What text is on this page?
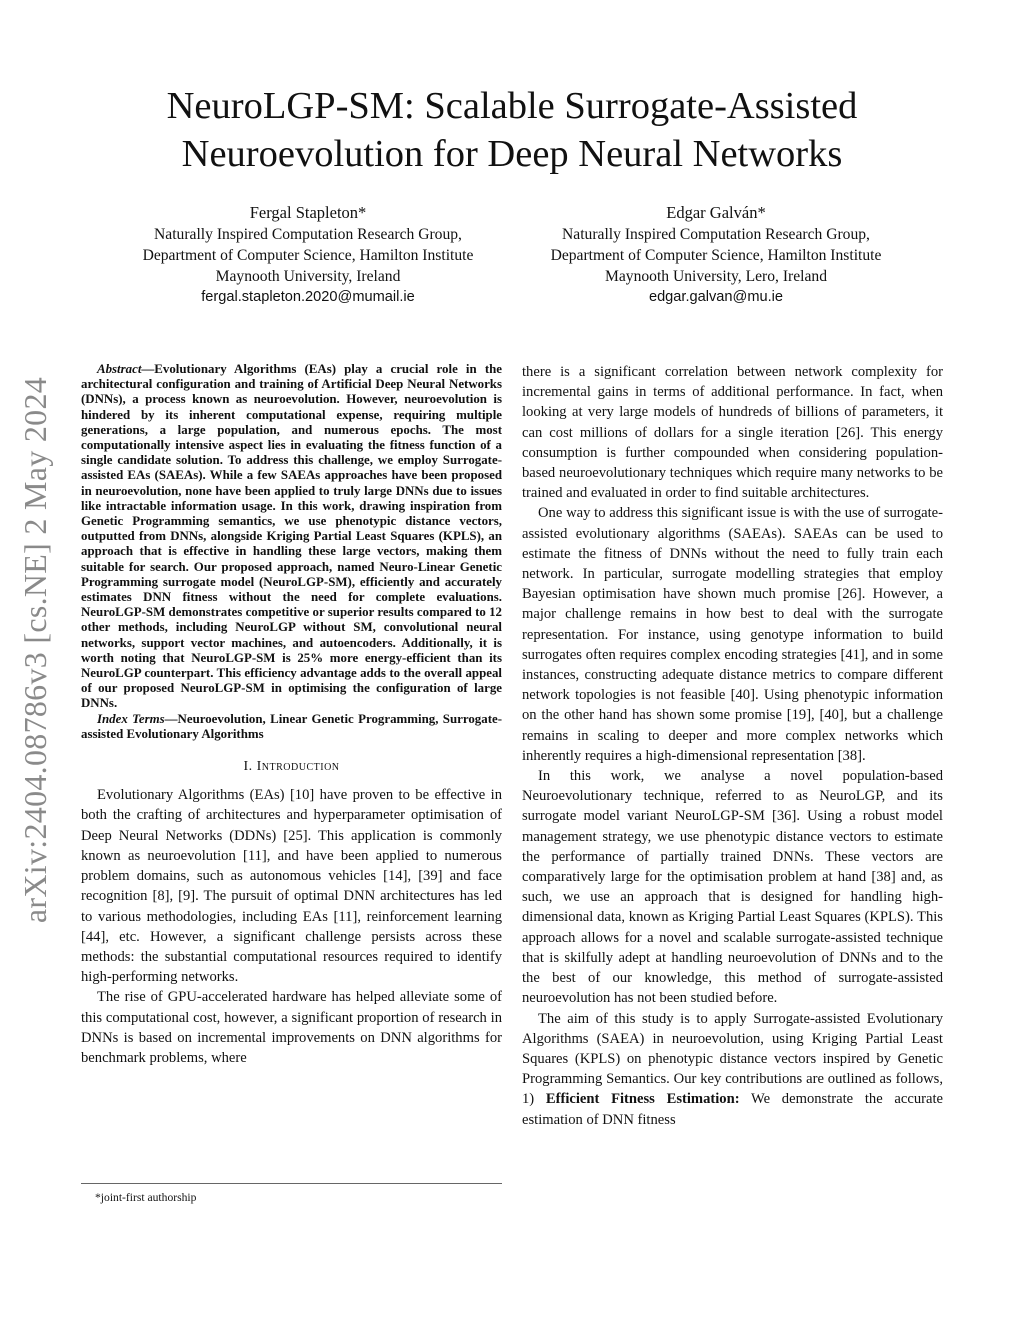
NeuroLGP-SM: Scalable Surrogate-Assisted
Neuroevolution for Deep Neural Networks
Fergal Stapleton*
Naturally Inspired Computation Research Group,
Department of Computer Science, Hamilton Institute
Maynooth University, Ireland
fergal.stapleton.2020@mumail.ie
Edgar Galván*
Naturally Inspired Computation Research Group,
Department of Computer Science, Hamilton Institute
Maynooth University, Lero, Ireland
edgar.galvan@mu.ie
arXiv:2404.08786v3 [cs.NE] 2 May 2024

Abstract—Evolutionary Algorithms (EAs) play a crucial role in the architectural configuration and training of Artificial Deep Neural Networks (DNNs), a process known as neuroevolution. However, neuroevolution is hindered by its inherent computational expense, requiring multiple generations, a large population, and numerous epochs. The most computationally intensive aspect lies in evaluating the fitness function of a single candidate solution. To address this challenge, we employ Surrogate-assisted EAs (SAEAs). While a few SAEAs approaches have been proposed in neuroevolution, none have been applied to truly large DNNs due to issues like intractable information usage. In this work, drawing inspiration from Genetic Programming semantics, we use phenotypic distance vectors, outputted from DNNs, alongside Kriging Partial Least Squares (KPLS), an approach that is effective in handling these large vectors, making them suitable for search. Our proposed approach, named Neuro-Linear Genetic Programming surrogate model (NeuroLGP-SM), efficiently and accurately estimates DNN fitness without the need for complete evaluations. NeuroLGP-SM demonstrates competitive or superior results compared to 12 other methods, including NeuroLGP without SM, convolutional neural networks, support vector machines, and autoencoders. Additionally, it is worth noting that NeuroLGP-SM is 25% more energy-efficient than its NeuroLGP counterpart. This efficiency advantage adds to the overall appeal of our proposed NeuroLGP-SM in optimising the configuration of large DNNs.

Index Terms—Neuroevolution, Linear Genetic Programming, Surrogate-assisted Evolutionary Algorithms

I. Introduction

Evolutionary Algorithms (EAs) [10] have proven to be effective in both the crafting of architectures and hyperparameter optimisation of Deep Neural Networks (DDNs) [25]. This application is commonly known as neuroevolution [11], and have been applied to numerous problem domains, such as autonomous vehicles [14], [39] and face recognition [8], [9]. The pursuit of optimal DNN architectures has led to various methodologies, including EAs [11], reinforcement learning [44], etc. However, a significant challenge persists across these methods: the substantial computational resources required to identify high-performing networks.

The rise of GPU-accelerated hardware has helped alleviate some of this computational cost, however, a significant proportion of research in DNNs is based on incremental improvements on DNN algorithms for benchmark problems, where

*joint-first authorship

there is a significant correlation between network complexity for incremental gains in terms of additional performance. In fact, when looking at very large models of hundreds of billions of parameters, it can cost millions of dollars for a single iteration [26]. This energy consumption is further compounded when considering population-based neuroevolutionary techniques which require many networks to be trained and evaluated in order to find suitable architectures.

One way to address this significant issue is with the use of surrogate-assisted evolutionary algorithms (SAEAs). SAEAs can be used to estimate the fitness of DNNs without the need to fully train each network. In particular, surrogate modelling strategies that employ Bayesian optimisation have shown much promise [26]. However, a major challenge remains in how best to deal with the surrogate representation. For instance, using genotype information to build surrogates often requires complex encoding strategies [41], and in some instances, constructing adequate distance metrics to compare different network topologies is not feasible [40]. Using phenotypic information on the other hand has shown some promise [19], [40], but a challenge remains in scaling to deeper and more complex networks which inherently requires a high-dimensional representation [38].

In this work, we analyse a novel population-based Neuroevolutionary technique, referred to as NeuroLGP, and its surrogate model variant NeuroLGP-SM [36]. Using a robust model management strategy, we use phenotypic distance vectors to estimate the performance of partially trained DNNs. These vectors are comparatively large for the optimisation problem at hand [38] and, as such, we use an approach that is designed for handling high-dimensional data, known as Kriging Partial Least Squares (KPLS). This approach allows for a novel and scalable surrogate-assisted technique that is skilfully adept at handling neuroevolution of DNNs and to the the best of our knowledge, this method of surrogate-assisted neuroevolution has not been studied before.

The aim of this study is to apply Surrogate-assisted Evolutionary Algorithms (SAEA) in neuroevolution, using Kriging Partial Least Squares (KPLS) on phenotypic distance vectors inspired by Genetic Programming Semantics. Our key contributions are outlined as follows, 1) Efficient Fitness Estimation: We demonstrate the accurate estimation of DNN fitness
